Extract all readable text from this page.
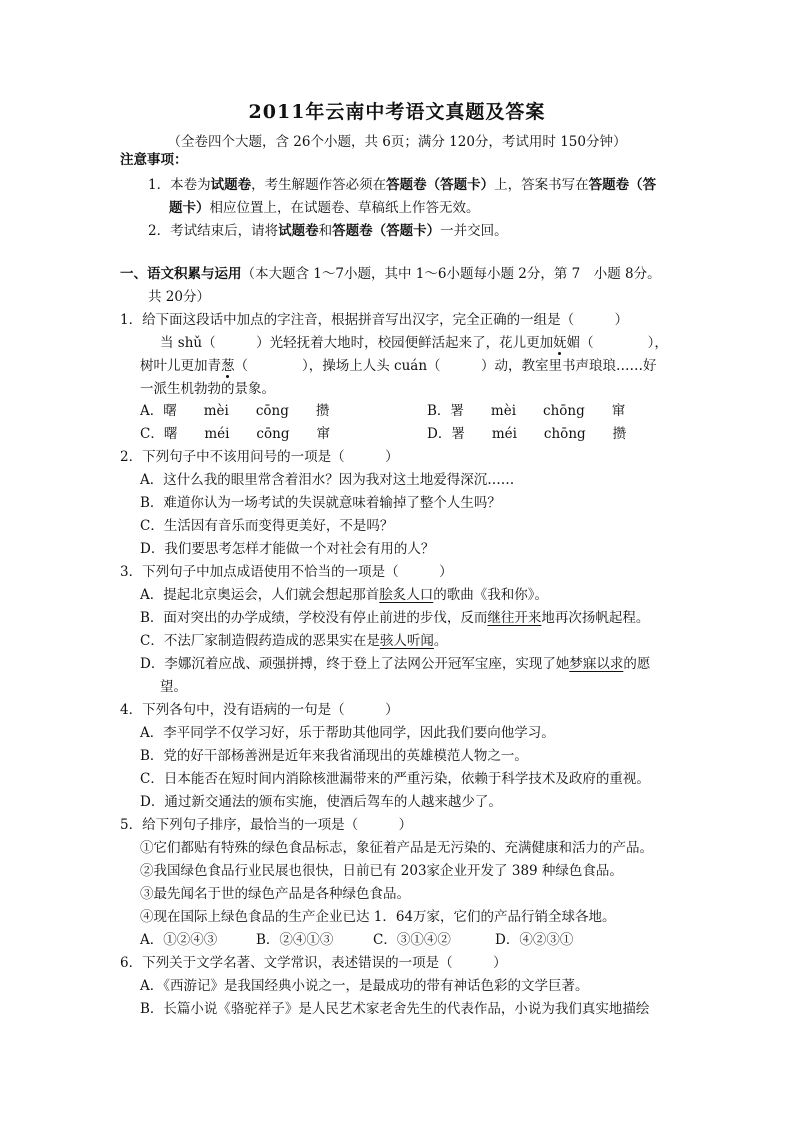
2011年云南中考语文真题及答案
（全卷四个大题，含 26个小题，共 6页；满分 120分，考试用时 150分钟）
注意事项：
1．本卷为试题卷，考生解题作答必须在答题卷（答题卡）上，答案书写在答题卷（答
题卡）相应位置上，在试题卷、草稿纸上作答无效。
2．考试结束后，请将试题卷和答题卷（答题卡）一并交回。
一、语文积累与运用（本大题含 1～7小题，其中 1～6小题每小题 2分，第 7　小题 8分。
共 20分）
1．给下面这段话中加点的字注音，根据拼音写出汉字，完全正确的一组是（　　　）
当 shǔ（　　　）光轻抚着大地时，校园便鲜活起来了，花儿更加妩媚（　　　　），
树叶儿更加青葱（　　　　），操场上人头 cuán（　　　）动，教室里书声琅琅……好
一派生机勃勃的景象。
A．曙　　mèi　　cōng　　攒	B．署　　mèi　　chōng　　窜
C．曙　　méi　　cōng　　窜	D．署　　méi　　chōng　　攒
2．下列句子中不该用问号的一项是（　　　）
A．这什么我的眼里常含着泪水？因为我对这土地爱得深沉……
B．难道你认为一场考试的失误就意味着输掉了整个人生吗？
C．生活因有音乐而变得更美好，不是吗？
D．我们要思考怎样才能做一个对社会有用的人？
3．下列句子中加点成语使用不恰当的一项是（　　　）
A．提起北京奥运会，人们就会想起那首脍炙人口的歌曲《我和你》。
B．面对突出的办学成绩，学校没有停止前进的步伐，反而继往开来地再次扬帆起程。
C．不法厂家制造假药造成的恶果实在是骇人听闻。
D．李娜沉着应战、顽强拼搏，终于登上了法网公开冠军宝座，实现了她梦寐以求的愿
望。
4．下列各句中，没有语病的一句是（　　　）
A．李平同学不仅学习好，乐于帮助其他同学，因此我们要向他学习。
B．党的好干部杨善洲是近年来我省涌现出的英雄模范人物之一。
C．日本能否在短时间内消除核泄漏带来的严重污染，依赖于科学技术及政府的重视。
D．通过新交通法的颁布实施，使酒后驾车的人越来越少了。
5．给下列句子排序，最恰当的一项是（　　　）
①它们都贴有特殊的绿色食品标志，象征着产品是无污染的、充满健康和活力的产品。
②我国绿色食品行业民展也很快，日前已有 203家企业开发了 389 种绿色食品。
③最先闻名于世的绿色产品是各种绿色食品。
④现在国际上绿色食品的生产企业已达 1．64万家，它们的产品行销全球各地。
A．①②④③	B．②④①③	C．③①④②	D．④②③①
6．下列关于文学名著、文学常识，表述错误的一项是（　　　）
A．《西游记》是我国经典小说之一，是最成功的带有神话色彩的文学巨著。
B．长篇小说《骆驼祥子》是人民艺术家老舍先生的代表作品，小说为我们真实地描绘
